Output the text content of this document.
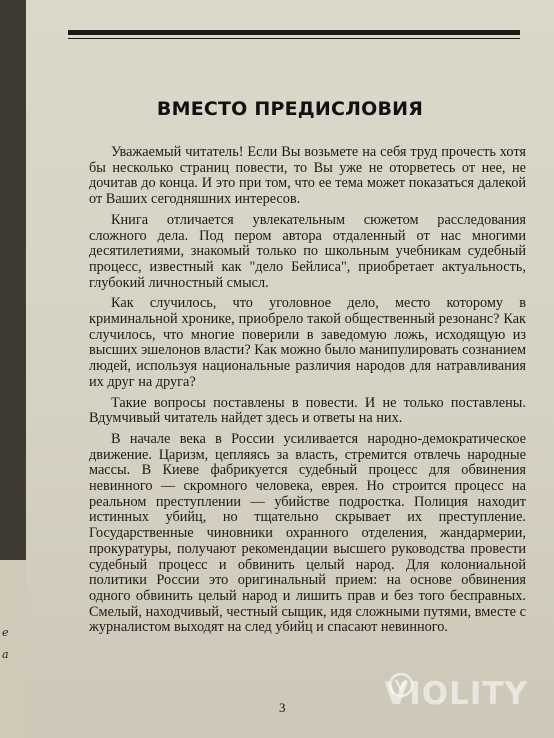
е
а
ВМЕСТО ПРЕДИСЛОВИЯ

Уважаемый читатель! Если Вы возьмете на себя труд прочесть хотя бы несколько страниц повести, то Вы уже не оторветесь от нее, не дочитав до конца. И это при том, что ее тема может показаться далекой от Ваших сегодняшних интересов.

Книга отличается увлекательным сюжетом расследования сложного дела. Под пером автора отдаленный от нас многими десятилетиями, знакомый только по школьным учебникам судебный процесс, известный как "дело Бейлиса", приобретает актуальность, глубокий личностный смысл.

Как случилось, что уголовное дело, место которому в криминальной хронике, приобрело такой общественный резонанс? Как случилось, что многие поверили в заведомую ложь, исходящую из высших эшелонов власти? Как можно было манипулировать сознанием людей, используя национальные различия народов для натравливания их друг на друга?

Такие вопросы поставлены в повести. И не только поставлены. Вдумчивый читатель найдет здесь и ответы на них.

В начале века в России усиливается народно-демократическое движение. Царизм, цепляясь за власть, стремится отвлечь народные массы. В Киеве фабрикуется судебный процесс для обвинения невинного — скромного человека, еврея. Но строится процесс на реальном преступлении — убийстве подростка. Полиция находит истинных убийц, но тщательно скрывает их преступление. Государственные чиновники охранного отделения, жандармерии, прокуратуры, получают рекомендации высшего руководства провести судебный процесс и обвинить целый народ. Для колониальной политики России это оригинальный прием: на основе обвинения одного обвинить целый народ и лишить прав и без того бесправных. Смелый, находчивый, честный сыщик, идя сложными путями, вместе с журналистом выходят на след убийц и спасают невинного.

3	VIOLITY
